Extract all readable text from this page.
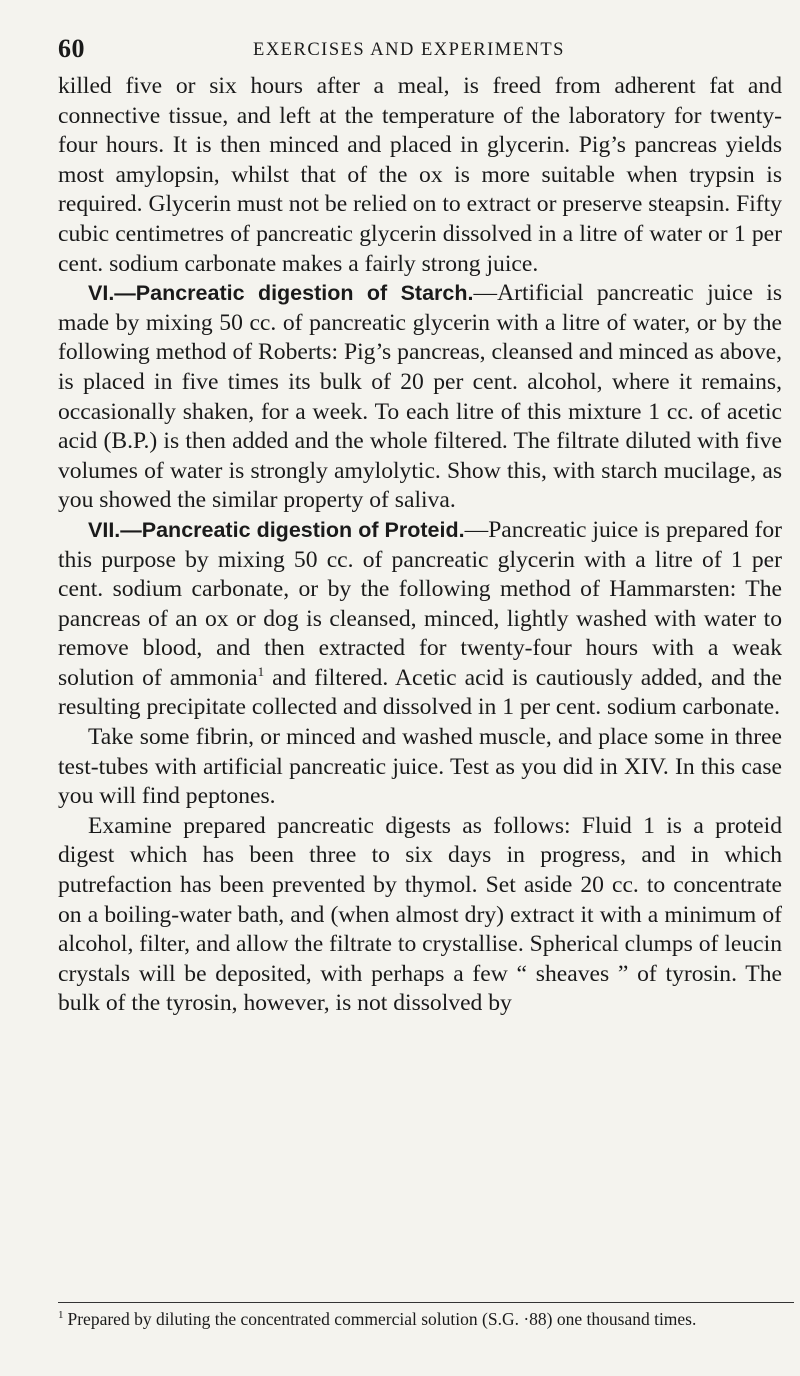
60	EXERCISES AND EXPERIMENTS

killed five or six hours after a meal, is freed from adherent fat and connective tissue, and left at the temperature of the laboratory for twenty-four hours. It is then minced and placed in glycerin. Pig’s pancreas yields most amylopsin, whilst that of the ox is more suitable when trypsin is required. Glycerin must not be relied on to extract or preserve steapsin. Fifty cubic centimetres of pancreatic glycerin dissolved in a litre of water or 1 per cent. sodium carbonate makes a fairly strong juice.

VI.—Pancreatic digestion of Starch.—Artificial pancreatic juice is made by mixing 50 cc. of pancreatic glycerin with a litre of water, or by the following method of Roberts: Pig’s pancreas, cleansed and minced as above, is placed in five times its bulk of 20 per cent. alcohol, where it remains, occasionally shaken, for a week. To each litre of this mixture 1 cc. of acetic acid (B.P.) is then added and the whole filtered. The filtrate diluted with five volumes of water is strongly amylolytic. Show this, with starch mucilage, as you showed the similar property of saliva.

VII.—Pancreatic digestion of Proteid.—Pancreatic juice is prepared for this purpose by mixing 50 cc. of pancreatic glycerin with a litre of 1 per cent. sodium carbonate, or by the following method of Hammarsten: The pancreas of an ox or dog is cleansed, minced, lightly washed with water to remove blood, and then extracted for twenty-four hours with a weak solution of ammonia$^1$ and filtered. Acetic acid is cautiously added, and the resulting precipitate collected and dissolved in 1 per cent. sodium carbonate.

Take some fibrin, or minced and washed muscle, and place some in three test-tubes with artificial pancreatic juice. Test as you did in XIV. In this case you will find peptones.

Examine prepared pancreatic digests as follows: Fluid 1 is a proteid digest which has been three to six days in progress, and in which putrefaction has been prevented by thymol. Set aside 20 cc. to concentrate on a boiling-water bath, and (when almost dry) extract it with a minimum of alcohol, filter, and allow the filtrate to crystallise. Spherical clumps of leucin crystals will be deposited, with perhaps a few “ sheaves ” of tyrosin. The bulk of the tyrosin, however, is not dissolved by

$^1$ Prepared by diluting the concentrated commercial solution (S.G. ·88) one thousand times.
